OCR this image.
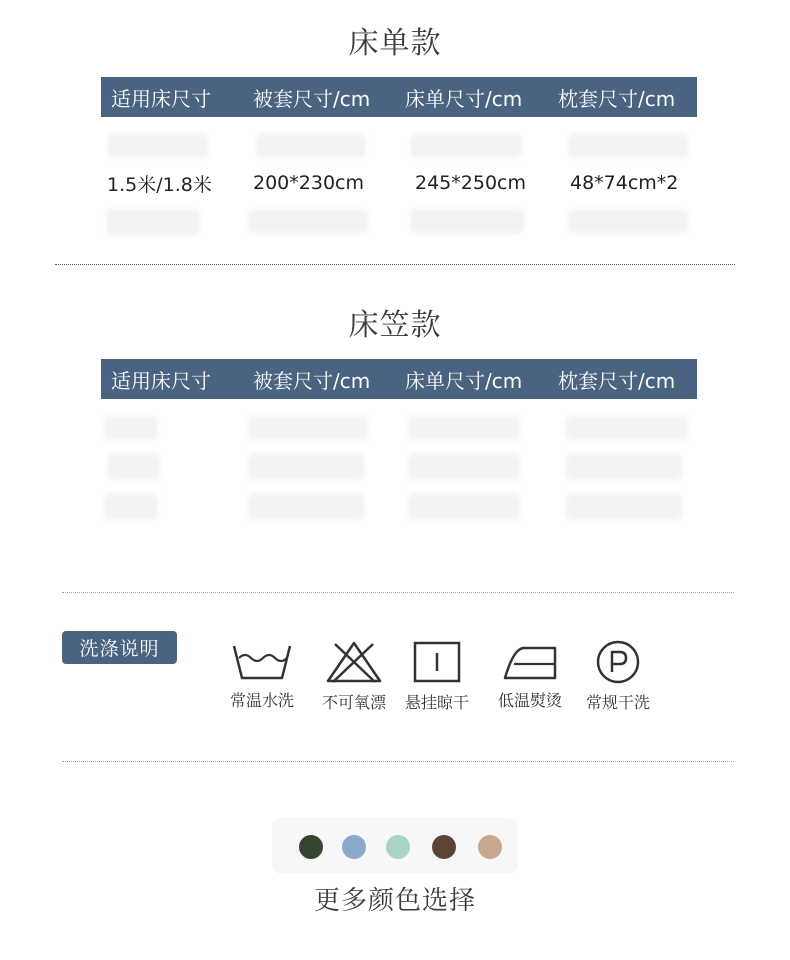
床单款
适用床尺寸	被套尺寸/cm	床单尺寸/cm	枕套尺寸/cm
1.5米/1.8米	200*230cm	245*250cm	48*74cm*2
床笠款
适用床尺寸	被套尺寸/cm	床单尺寸/cm	枕套尺寸/cm
洗涤说明
常温水洗	不可氧漂	悬挂晾干	低温熨烫	常规干洗
更多颜色选择
